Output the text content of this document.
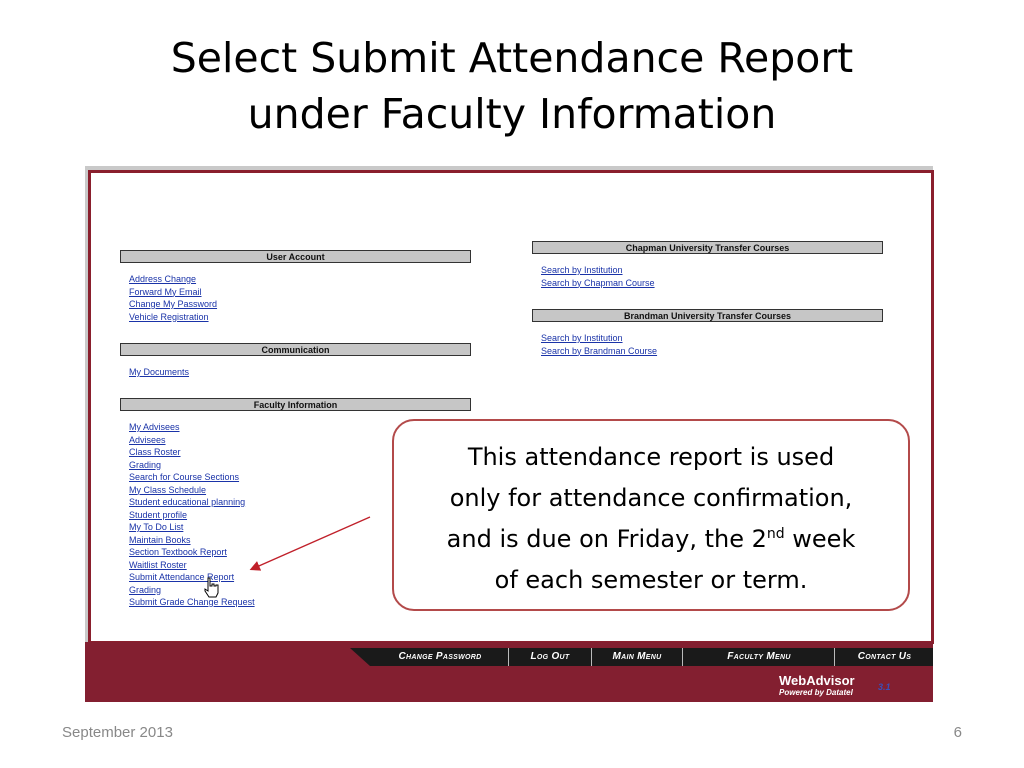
Select Submit Attendance Report
under Faculty Information
User Account
Address Change
Forward My Email
Change My Password
Vehicle Registration
Communication
My Documents
Faculty Information
My Advisees
Advisees
Class Roster
Grading
Search for Course Sections
My Class Schedule
Student educational planning
Student profile
My To Do List
Maintain Books
Section Textbook Report
Waitlist Roster
Submit Attendance Report
Grading
Submit Grade Change Request
Chapman University Transfer Courses
Search by Institution
Search by Chapman Course
Brandman University Transfer Courses
Search by Institution
Search by Brandman Course
Change Password	Log Out	Main Menu	Faculty Menu	Contact Us
WebAdvisor
Powered by Datatel
3.1
This attendance report is used
only for attendance confirmation,
and is due on Friday, the 2nd week
of each semester or term.
September 2013	6
